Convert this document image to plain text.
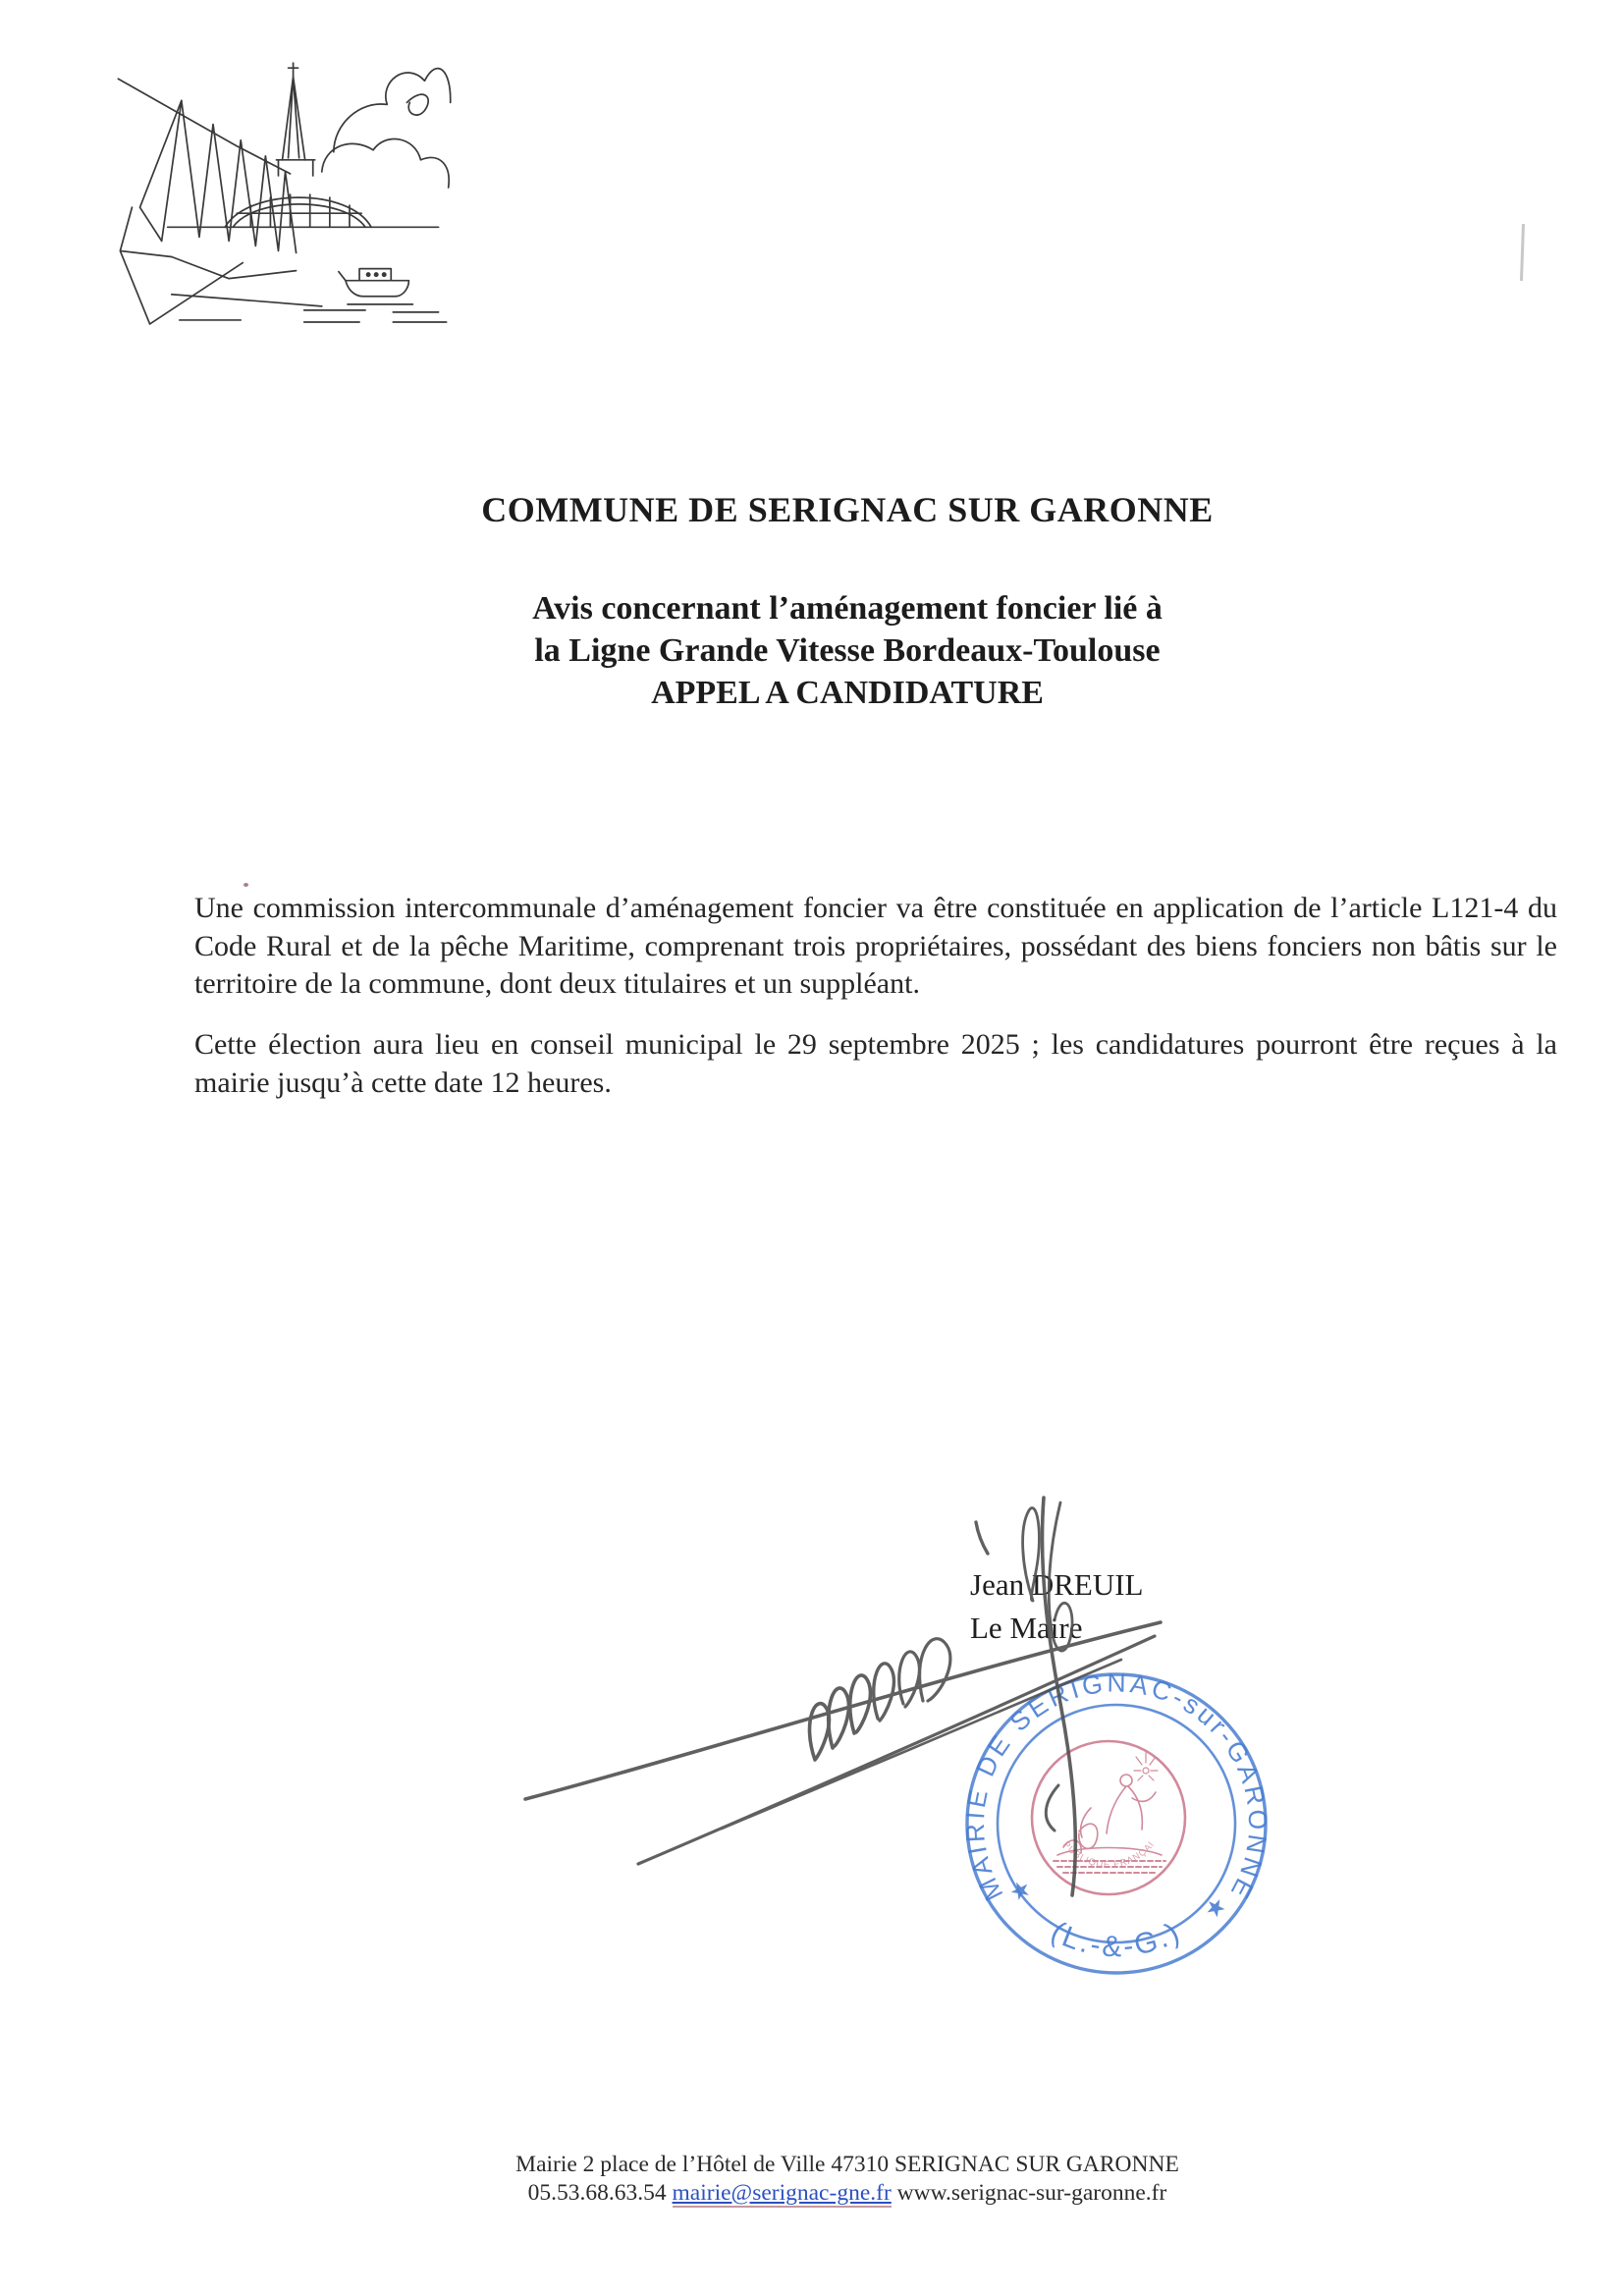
COMMUNE DE SERIGNAC SUR GARONNE
Avis concernant l’aménagement foncier lié à
la Ligne Grande Vitesse Bordeaux-Toulouse
APPEL A CANDIDATURE
Une commission intercommunale d’aménagement foncier va être constituée en application de l’article L121-4 du Code Rural et de la pêche Maritime, comprenant trois propriétaires, possédant des biens fonciers non bâtis sur le territoire de la commune, dont deux titulaires et un suppléant.
Cette élection aura lieu en conseil municipal le 29 septembre 2025 ; les candidatures pourront être reçues à la mairie jusqu’à cette date 12 heures.
Jean DREUIL
Le Maire
MAIRIE DE SERIGNAC-sur-GARONNE
(L.-&-G.)
★
★
RÉPUBLIQUE FRANÇAISE
Mairie 2 place de l’Hôtel de Ville 47310 SERIGNAC SUR GARONNE
05.53.68.63.54 mairie@serignac-gne.fr www.serignac-sur-garonne.fr
